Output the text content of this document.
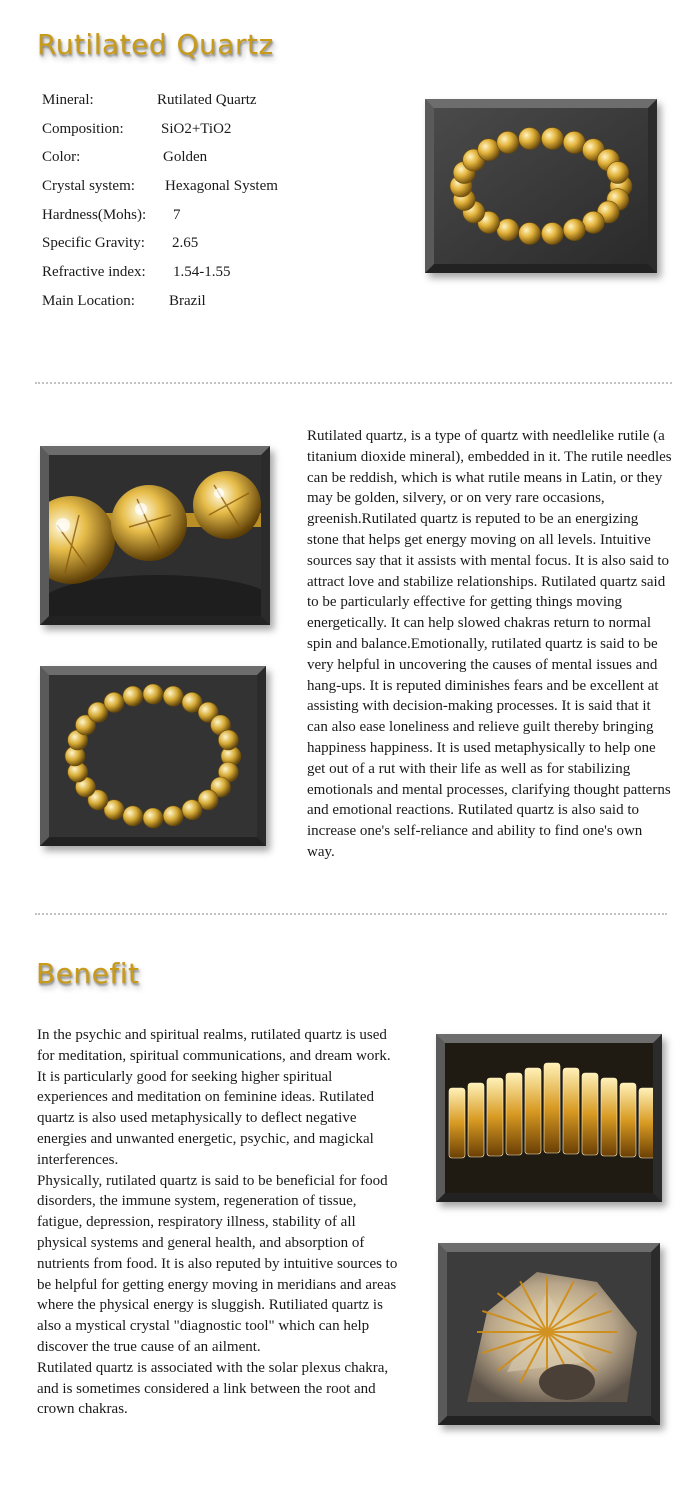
Rutilated Quartz
Mineral:	Rutilated Quartz
Composition: SiO2+TiO2
Color:	Golden
Crystal system: Hexagonal System
Hardness(Mohs): 7
Specific Gravity: 2.65
Refractive index: 1.54-1.55
Main Location: Brazil

Rutilated quartz, is a type of quartz with needlelike rutile (a titanium dioxide mineral), embedded in it. The rutile needles can be reddish, which is what rutile means in Latin, or they may be golden, silvery, or on very rare occasions, greenish.Rutilated quartz is reputed to be an energizing stone that helps get energy moving on all levels. Intuitive sources say that it assists with mental focus. It is also said to attract love and stabilize relationships. Rutilated quartz said to be particularly effective for getting things moving energetically. It can help slowed chakras return to normal spin and balance.Emotionally, rutilated quartz is said to be very helpful in uncovering the causes of mental issues and hang-ups. It is reputed diminishes fears and be excellent at assisting with decision-making processes. It is said that it can also ease loneliness and relieve guilt thereby bringing happiness happiness. It is used metaphysically to help one get out of a rut with their life as well as for stabilizing emotionals and mental processes, clarifying thought patterns and emotional reactions. Rutilated quartz is also said to increase one's self-reliance and ability to find one's own way.

Benefit

In the psychic and spiritual realms, rutilated quartz is used for meditation, spiritual communications, and dream work. It is particularly good for seeking higher spiritual experiences and meditation on feminine ideas. Rutilated quartz is also used metaphysically to deflect negative energies and unwanted energetic, psychic, and magickal interferences.

Physically, rutilated quartz is said to be beneficial for food disorders, the immune system, regeneration of tissue, fatigue, depression, respiratory illness, stability of all physical systems and general health, and absorption of nutrients from food. It is also reputed by intuitive sources to be helpful for getting energy moving in meridians and areas where the physical energy is sluggish. Rutiliated quartz is also a mystical crystal "diagnostic tool" which can help discover the true cause of an ailment.

Rutilated quartz is associated with the solar plexus chakra, and is sometimes considered a link between the root and crown chakras.
